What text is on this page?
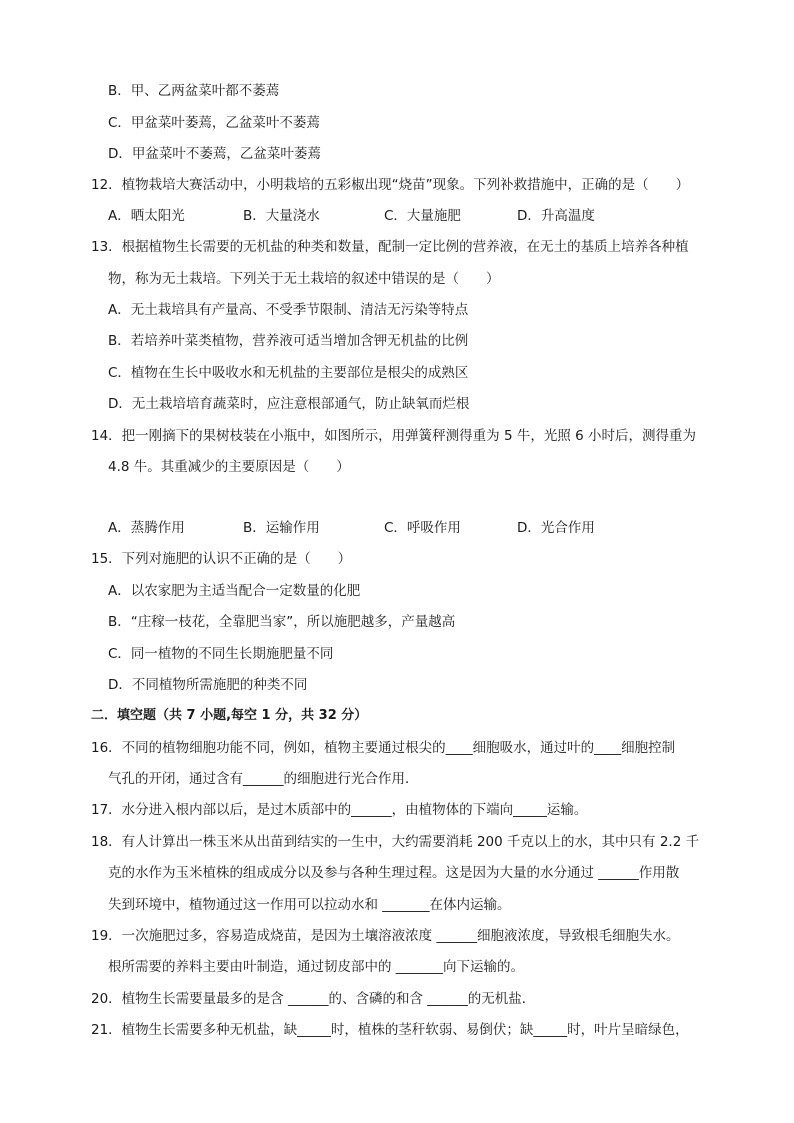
B．甲、乙两盆菜叶都不萎蔫
C．甲盆菜叶萎蔫，乙盆菜叶不萎蔫
D．甲盆菜叶不萎蔫，乙盆菜叶萎蔫
12．植物栽培大赛活动中，小明栽培的五彩椒出现“烧苗”现象。下列补救措施中，正确的是（　　）
A．晒太阳光	B．大量浇水	C．大量施肥	D．升高温度
13．根据植物生长需要的无机盐的种类和数量，配制一定比例的营养液，在无土的基质上培养各种植
物，称为无土栽培。下列关于无土栽培的叙述中错误的是（　　）
A．无土栽培具有产量高、不受季节限制、清洁无污染等特点
B．若培养叶菜类植物，营养液可适当增加含钾无机盐的比例
C．植物在生长中吸收水和无机盐的主要部位是根尖的成熟区
D．无土栽培培育蔬菜时，应注意根部通气，防止缺氧而烂根
14．把一刚摘下的果树枝装在小瓶中，如图所示，用弹簧秤测得重为 5 牛，光照 6 小时后，测得重为
4.8 牛。其重减少的主要原因是（　　）
A．蒸腾作用	B．运输作用	C．呼吸作用	D．光合作用
15．下列对施肥的认识不正确的是（　　）
A．以农家肥为主适当配合一定数量的化肥
B．“庄稼一枝花，全靠肥当家”，所以施肥越多，产量越高
C．同一植物的不同生长期施肥量不同
D．不同植物所需施肥的种类不同
二．填空题（共 7 小题,每空 1 分，共 32 分）
16．不同的植物细胞功能不同，例如，植物主要通过根尖的____细胞吸水，通过叶的____细胞控制
气孔的开闭，通过含有______的细胞进行光合作用．
17．水分进入根内部以后，是过木质部中的______，由植物体的下端向_____运输。
18．有人计算出一株玉米从出苗到结实的一生中，大约需要消耗 200 千克以上的水，其中只有 2.2 千
克的水作为玉米植株的组成成分以及参与各种生理过程。这是因为大量的水分通过 ______作用散
失到环境中，植物通过这一作用可以拉动水和 _______在体内运输。
19．一次施肥过多，容易造成烧苗，是因为土壤溶液浓度 ______细胞液浓度，导致根毛细胞失水。
根所需要的养料主要由叶制造，通过韧皮部中的 _______向下运输的。
20．植物生长需要量最多的是含 ______的、含磷的和含 ______的无机盐．
21．植物生长需要多种无机盐，缺_____时，植株的茎秆软弱、易倒伏；缺_____时，叶片呈暗绿色，
